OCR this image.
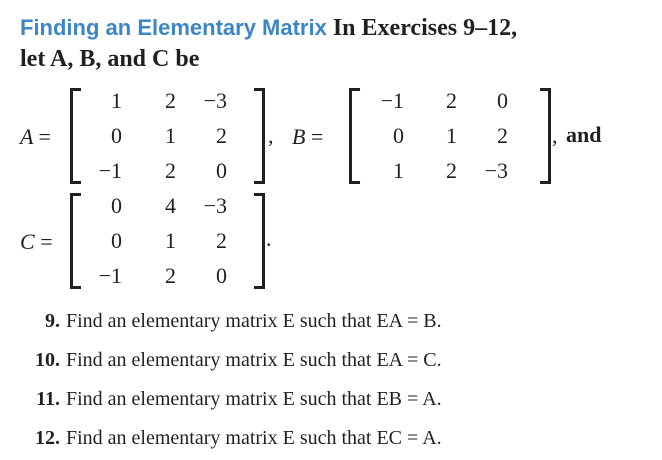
Finding an Elementary Matrix In Exercises 9–12,
let A, B, and C be
A =
1	2	−3
0	1	2
−1	2	0
, B =
−1	2	0
0	1	2
1	2	−3
, and
C =
0	4	−3
0	1	2
−1	2	0
.
9. Find an elementary matrix E such that EA = B.
10. Find an elementary matrix E such that EA = C.
11. Find an elementary matrix E such that EB = A.
12. Find an elementary matrix E such that EC = A.
